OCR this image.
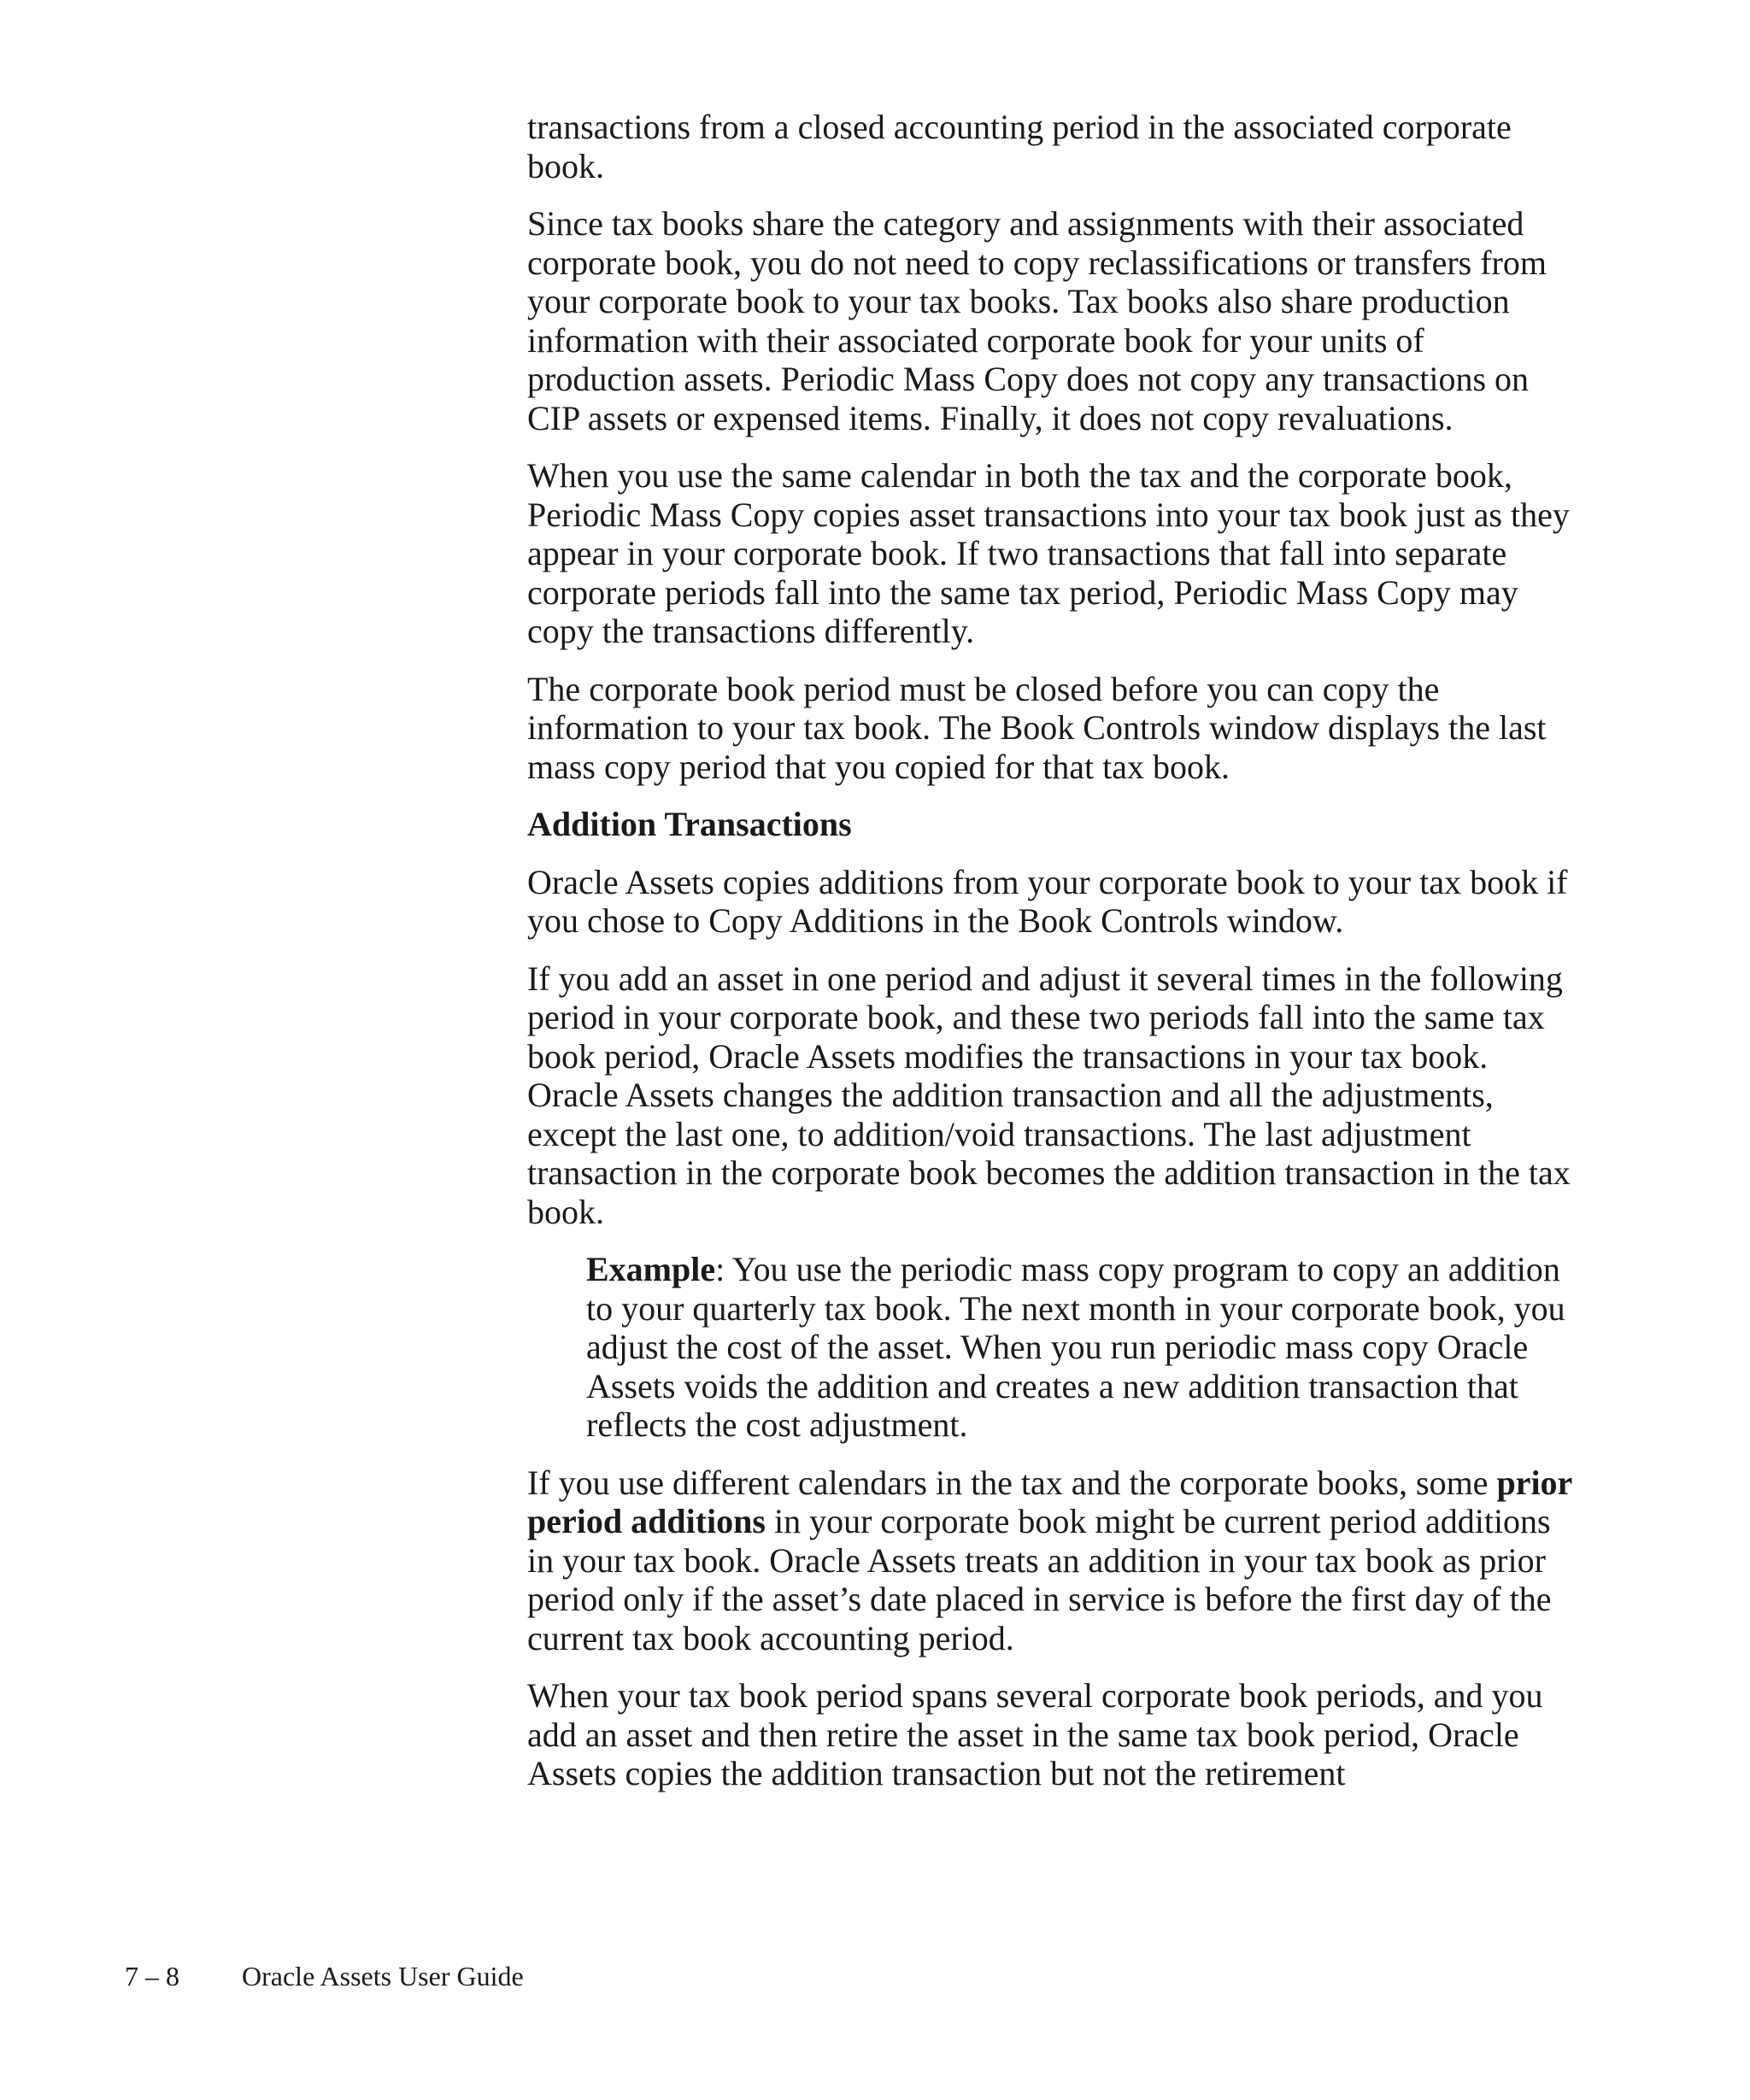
transactions from a closed accounting period in the associated corporate book.

Since tax books share the category and assignments with their associated corporate book, you do not need to copy reclassifications or transfers from your corporate book to your tax books. Tax books also share production information with their associated corporate book for your units of production assets. Periodic Mass Copy does not copy any transactions on CIP assets or expensed items. Finally, it does not copy revaluations.

When you use the same calendar in both the tax and the corporate book, Periodic Mass Copy copies asset transactions into your tax book just as they appear in your corporate book. If two transactions that fall into separate corporate periods fall into the same tax period, Periodic Mass Copy may copy the transactions differently.

The corporate book period must be closed before you can copy the information to your tax book. The Book Controls window displays the last mass copy period that you copied for that tax book.

Addition Transactions

Oracle Assets copies additions from your corporate book to your tax book if you chose to Copy Additions in the Book Controls window.

If you add an asset in one period and adjust it several times in the following period in your corporate book, and these two periods fall into the same tax book period, Oracle Assets modifies the transactions in your tax book. Oracle Assets changes the addition transaction and all the adjustments, except the last one, to addition/void transactions. The last adjustment transaction in the corporate book becomes the addition transaction in the tax book.

Example: You use the periodic mass copy program to copy an addition to your quarterly tax book. The next month in your corporate book, you adjust the cost of the asset. When you run periodic mass copy Oracle Assets voids the addition and creates a new addition transaction that reflects the cost adjustment.

If you use different calendars in the tax and the corporate books, some prior period additions in your corporate book might be current period additions in your tax book. Oracle Assets treats an addition in your tax book as prior period only if the asset’s date placed in service is before the first day of the current tax book accounting period.

When your tax book period spans several corporate book periods, and you add an asset and then retire the asset in the same tax book period, Oracle Assets copies the addition transaction but not the retirement

7 – 8 Oracle Assets User Guide
